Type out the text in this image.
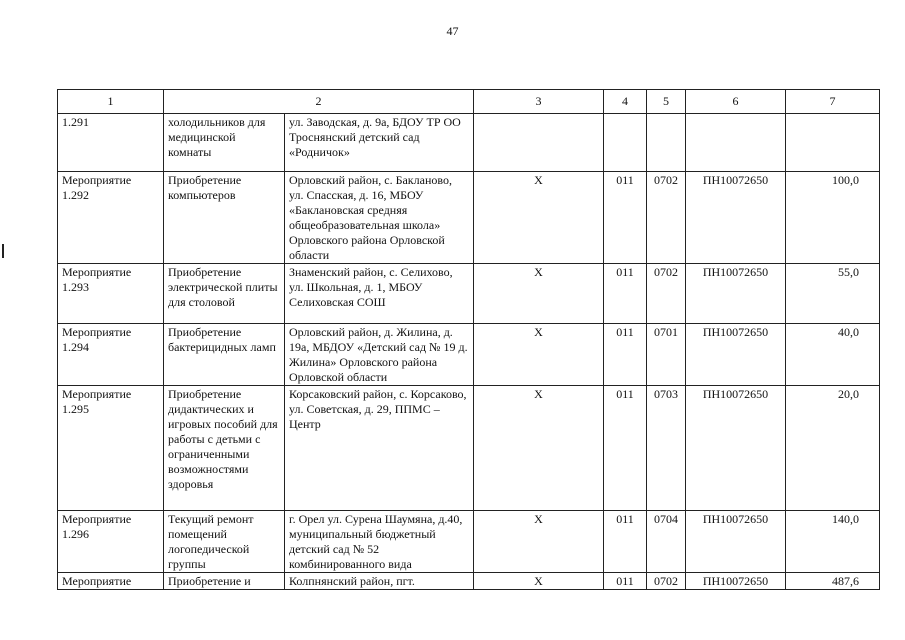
47
1	2		3	4	5	6	7
1.291	холодильников для медицинской комнаты	ул. Заводская, д. 9а, БДОУ ТР ОО Троснянский детский сад «Родничок»					
Мероприятие 1.292	Приобретение компьютеров	Орловский район, с. Бакланово, ул. Спасская, д. 16, МБОУ «Баклановская средняя общеобразовательная школа» Орловского района Орловской области	Х	011	0702	ПН10072650	100,0
Мероприятие 1.293	Приобретение электрической плиты для столовой	Знаменский район, с. Селихово, ул. Школьная, д. 1, МБОУ Селиховская СОШ	Х	011	0702	ПН10072650	55,0
Мероприятие 1.294	Приобретение бактерицидных ламп	Орловский район, д. Жилина, д. 19а, МБДОУ «Детский сад № 19 д. Жилина» Орловского района Орловской области	Х	011	0701	ПН10072650	40,0
Мероприятие 1.295	Приобретение дидактических и игровых пособий для работы с детьми с ограниченными возможностями здоровья	Корсаковский район, с. Корсаково, ул. Советская, д. 29, ППМС – Центр	Х	011	0703	ПН10072650	20,0
Мероприятие 1.296	Текущий ремонт помещений логопедической группы	г. Орел ул. Сурена Шаумяна, д.40, муниципальный бюджетный детский сад № 52 комбинированного вида	Х	011	0704	ПН10072650	140,0
Мероприятие	Приобретение и	Колпнянский район, пгт.	Х	011	0702	ПН10072650	487,6
